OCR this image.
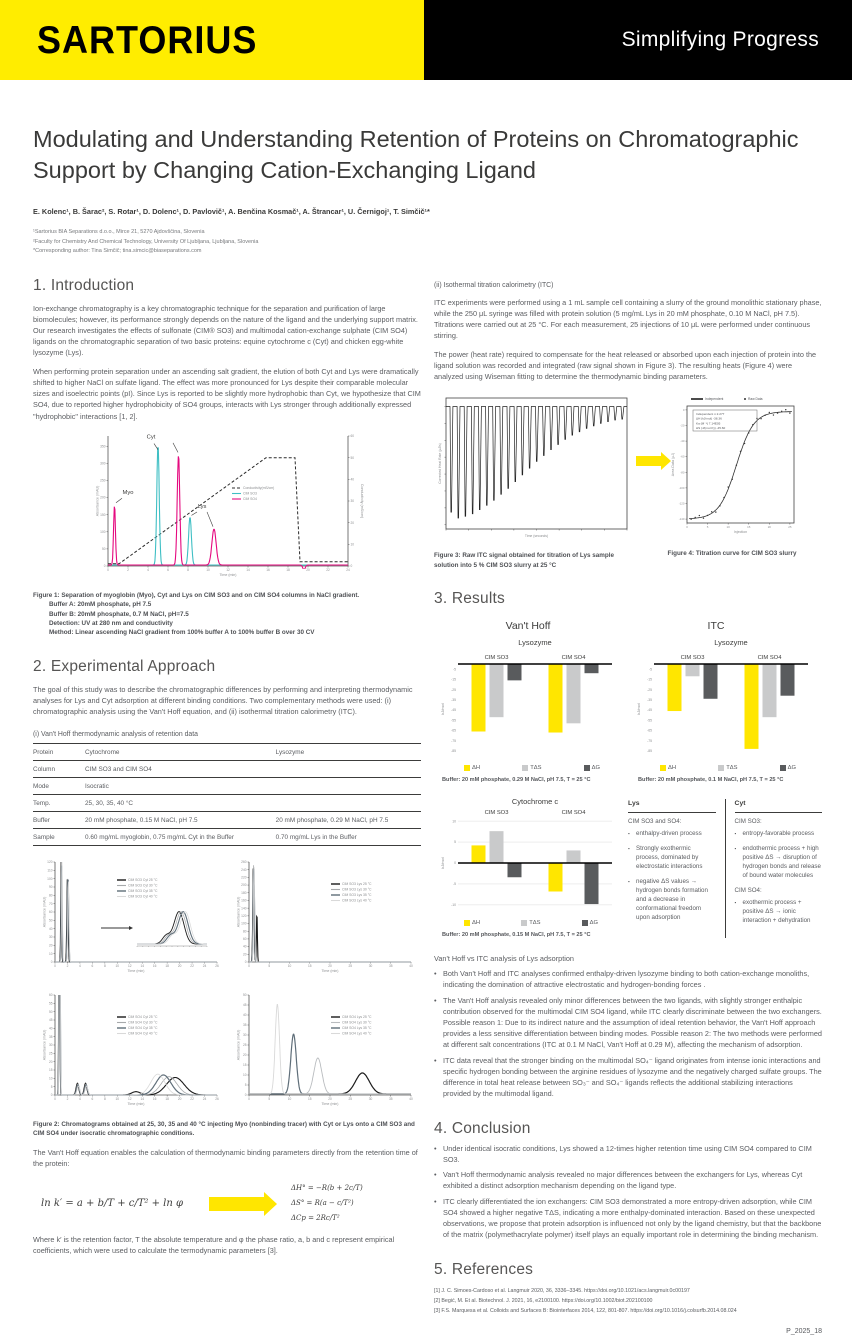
SARTORIUS	Simplifying Progress
Modulating and Understanding Retention of Proteins on Chromatographic Support by Changing Cation-Exchanging Ligand
E. Kolenc¹, B. Šarac², S. Rotar¹, D. Dolenc¹, D. Pavlovič¹, A. Benčina Kosmač¹, A. Štrancar¹, U. Černigoj¹, T. Simčič¹*
¹Sartorius BIA Separations d.o.o., Mirce 21, 5270 Ajdovščina, Slovenia
²Faculty for Chemistry And Chemical Technology, University Of Ljubljana, Ljubljana, Slovenia
*Corresponding author: Tina Simčič; tina.simcic@biaseparations.com
1. Introduction

Ion-exchange chromatography is a key chromatographic technique for the separation and purification of large biomolecules; however, its performance strongly depends on the nature of the ligand and the underlying support matrix. Our research investigates the effects of sulfonate (CIM® SO3) and multimodal cation-exchange sulphate (CIM SO4) ligands on the chromatographic separation of two basic proteins: equine cytochrome c (Cyt) and chicken egg-white lysozyme (Lys).

When performing protein separation under an ascending salt gradient, the elution of both Cyt and Lys were dramatically shifted to higher NaCl on sulfate ligand. The effect was more pronounced for Lys despite their comparable molecular sizes and isoelectric points (pI). Since Lys is reported to be slightly more hydrophobic than Cyt, we hypothesize that CIM SO4, due to reported higher hydrophobicity of SO4 groups, interacts with Lys stronger through additionally expressed "hydrophobic" interactions [1, 2].

0
50
100
150
200
250
300
350
0	2	4	6	8	10	12	14	16	18	20	22	24
0
10
20
30
40
50
60
Conductivity (mS/cm)
Absorbance (mAU)
Time (min)
Conductivity(mS/cm)
CIM SO3
CIM SO4
Myo
Cyt
Lys
Figure 1: Separation of myoglobin (Myo), Cyt and Lys on CIM SO3 and on CIM SO4 columns in NaCl gradient.
Buffer A: 20mM phosphate, pH 7.5
Buffer B: 20mM phosphate, 0.7 M NaCl, pH=7.5
Detection: UV at 280 nm and conductivity
Method: Linear ascending NaCl gradient from 100% buffer A to 100% buffer B over 30 CV
2. Experimental Approach

The goal of this study was to describe the chromatographic differences by performing and interpreting thermodynamic analyses for Lys and Cyt adsorption at different binding conditions. Two complementary methods were used: (i) chromatographic analysis using the Van't Hoff equation, and (ii) isothermal titration calorimetry (ITC).

(i) Van't Hoff thermodynamic analysis of retention data
Protein	Cytochrome	Lysozyme
Column	CIM SO3 and CIM SO4	
Mode	Isocratic	
Temp.	25, 30, 35, 40 °C	
Buffer	20 mM phosphate, 0.15 M NaCl, pH 7.5	20 mM phosphate, 0.29 M NaCl, pH 7.5
Sample	0.60 mg/mL myoglobin, 0.75 mg/mL Cyt in the Buffer	0.70 mg/mL Lys in the Buffer
0
10
20
30
40
50
60
70
80
90
100
110
120
0	2	4	6	8	10	12	14	16	18	20	22	24	26
Absorbance (mAU)
Time (min)
CIM SO3 Cyt 25 °C
CIM SO3 Cyt 30 °C
CIM SO3 Cyt 35 °C
CIM SO3 Cyt 40 °C
0
20
40
60
80
100
120
140
160
180
200
220
240
260
0	5	10	15	20	25	30	35	40
Absorbance (mAU)
Time (min)
CIM SO3 Lys 25 °C
CIM SO3 Lys 30 °C
CIM SO3 Lys 35 °C
CIM SO3 Lys 40 °C
0
5
10
15
20
25
30
35
40
45
50
55
60
0	2	4	6	8	10	12	14	16	18	20	22	24	26
Absorbance (mAU)
Time (min)
CIM SO4 Cyt 25 °C
CIM SO4 Cyt 30 °C
CIM SO4 Cyt 35 °C
CIM SO4 Cyt 40 °C
0
5
10
15
20
25
30
35
40
45
50
0	5	10	15	20	25	30	35	40
Absorbance (mAU)
Time (min)
CIM SO4 Lys 25 °C
CIM SO4 Lys 30 °C
CIM SO4 Lys 35 °C
CIM SO4 Lys 40 °C
Figure 2: Chromatograms obtained at 25, 30, 35 and 40 °C injecting Myo (nonbinding tracer) with Cyt or Lys onto a CIM SO3 and CIM SO4 under isocratic chromatographic conditions.

The Van't Hoff equation enables the calculation of thermodynamic binding parameters directly from the retention time of the protein:

ln k′ = a + b/T + c/T² + ln φ
ΔH° = −R(b + 2c/T)
ΔS° = R(a − c/T²)
ΔCp = 2Rc/T²

Where k′ is the retention factor, T the absolute temperature and φ the phase ratio, a, b and c represent empirical coefficients, which were used to calculate the termodynamic parameters [3].

(ii) Isothermal titration calorimetry (ITC)

ITC experiments were performed using a 1 mL sample cell containing a slurry of the ground monolithic stationary phase, while the 250 μL syringe was filled with protein solution (5 mg/mL Lys in 20 mM phosphate, 0.10 M NaCl, pH 7.5). Titrations were carried out at 25 °C. For each measurement, 25 injections of 10 μL were performed under continuous stirring.

The power (heat rate) required to compensate for the heat released or absorbed upon each injection of protein into the ligand solution was recorded and integrated (raw signal shown in Figure 3). The resulting heats (Figure 4) were analyzed using Wiseman fitting to determine the thermodynamic binding parameters.

Corrected Heat Rate (μJ/s)
Time (seconds)
Figure 3: Raw ITC signal obtained for titration of Lys sample solution into 5 % CIM SO3 slurry at 25 °C
0
-20
-40
-60
-80
-100
-120
-140
0	5	10	15	20	25
Independent	Raw Data
Independent n 2.277
ΔH (kJ/mol) -38.36
Ka (M⁻¹) 7.14E05
ΔS (J/(mol·K)) -45.60
Area Data (μJ)
Injection
Figure 4: Titration curve for CIM SO3 slurry
3. Results
Van't Hoff	ITC
Lysozyme
-5
-15
-25
-35
-45
-55
-65
-75
-85
kJ/mol
CIM SO3	CIM SO4
ΔH	TΔS	ΔG
Buffer: 20 mM phosphate, 0.29 M NaCl, pH 7.5, T = 25 °C
Lysozyme
-5
-15
-25
-35
-45
-55
-65
-75
-85
kJ/mol
CIM SO3	CIM SO4
ΔH	TΔS	ΔG
Buffer: 20 mM phosphate, 0.1 M NaCl, pH 7.5, T = 25 °C
Cytochrome c
10
5
0
-5
-10
kJ/mol
CIM SO3	CIM SO4
ΔH	TΔS	ΔG
Buffer: 20 mM phosphate, 0.15 M NaCl, pH 7.5, T = 25 °C
Lys
CIM SO3 and SO4:
▪ enthalpy-driven process
▪ Strongly exothermic process, dominated by electrostatic interactions
▪ negative ΔS values → hydrogen bonds formation and a decrease in conformational freedom upon adsorption
Cyt
CIM SO3:
▪ entropy-favorable process
▪ endothermic process + high positive ΔS → disruption of hydrogen bonds and release of bound water molecules
CIM SO4:
▪ exothermic process + positive ΔS → ionic interaction + dehydration
Van't Hoff vs ITC analysis of Lys adsorption
• Both Van't Hoff and ITC analyses confirmed enthalpy-driven lysozyme binding to both cation-exchange monoliths, indicating the domination of attractive electrostatic and hydrogen-bonding forces .
• The Van't Hoff analysis revealed only minor differences between the two ligands, with slightly stronger enthalpic contribution observed for the multimodal CIM SO4 ligand, while ITC clearly discriminate between the two exchangers. Possible reason 1: Due to its indirect nature and the assumption of ideal retention behavior, the Van't Hoff approach provides a less sensitive differentiation between binding modes. Possible reason 2: The two methods were performed at different salt concentrations (ITC at 0.1 M NaCl, Van't Hoff at 0.29 M), affecting the mechanism of adsorption.
• ITC data reveal that the stronger binding on the multimodal SO₄⁻ ligand originates from intense ionic interactions and specific hydrogen bonding between the arginine residues of lysozyme and the negatively charged sulfate groups. The difference in total heat release between SO₃⁻ and SO₄⁻ ligands reflects the additional stabilizing interactions provided by the multimodal ligand.
4. Conclusion
• Under identical isocratic conditions, Lys showed a 12-times higher retention time using CIM SO4 compared to CIM SO3.
• Van't Hoff thermodynamic analysis revealed no major differences between the exchangers for Lys, whereas Cyt exhibited a distinct adsorption mechanism depending on the ligand type.
• ITC clearly differentiated the ion exchangers: CIM SO3 demonstrated a more entropy-driven adsorption, while CIM SO4 showed a higher negative TΔS, indicating a more enthalpy-dominated interaction. Based on these unexpected observations, we propose that protein adsorption is influenced not only by the ligand chemistry, but that the backbone of the matrix (polymethacrylate polymer) itself plays an equally important role in determining the binding mechanism.
5. References
[1] J. C. Simoes-Cardoso et al. Langmuir 2020, 36, 3336–3345. https://doi.org/10.1021/acs.langmuir.0c00197
[2] Begić, M. Et al. Biotechnol. J. 2021, 16, e2100100. https://doi.org/10.1002/biot.202100100
[3] F.S. Marquesa et al. Colloids and Surfaces B: Biointerfaces 2014, 122, 801-807. https://doi.org/10.1016/j.colsurfb.2014.08.024
P_2025_18
